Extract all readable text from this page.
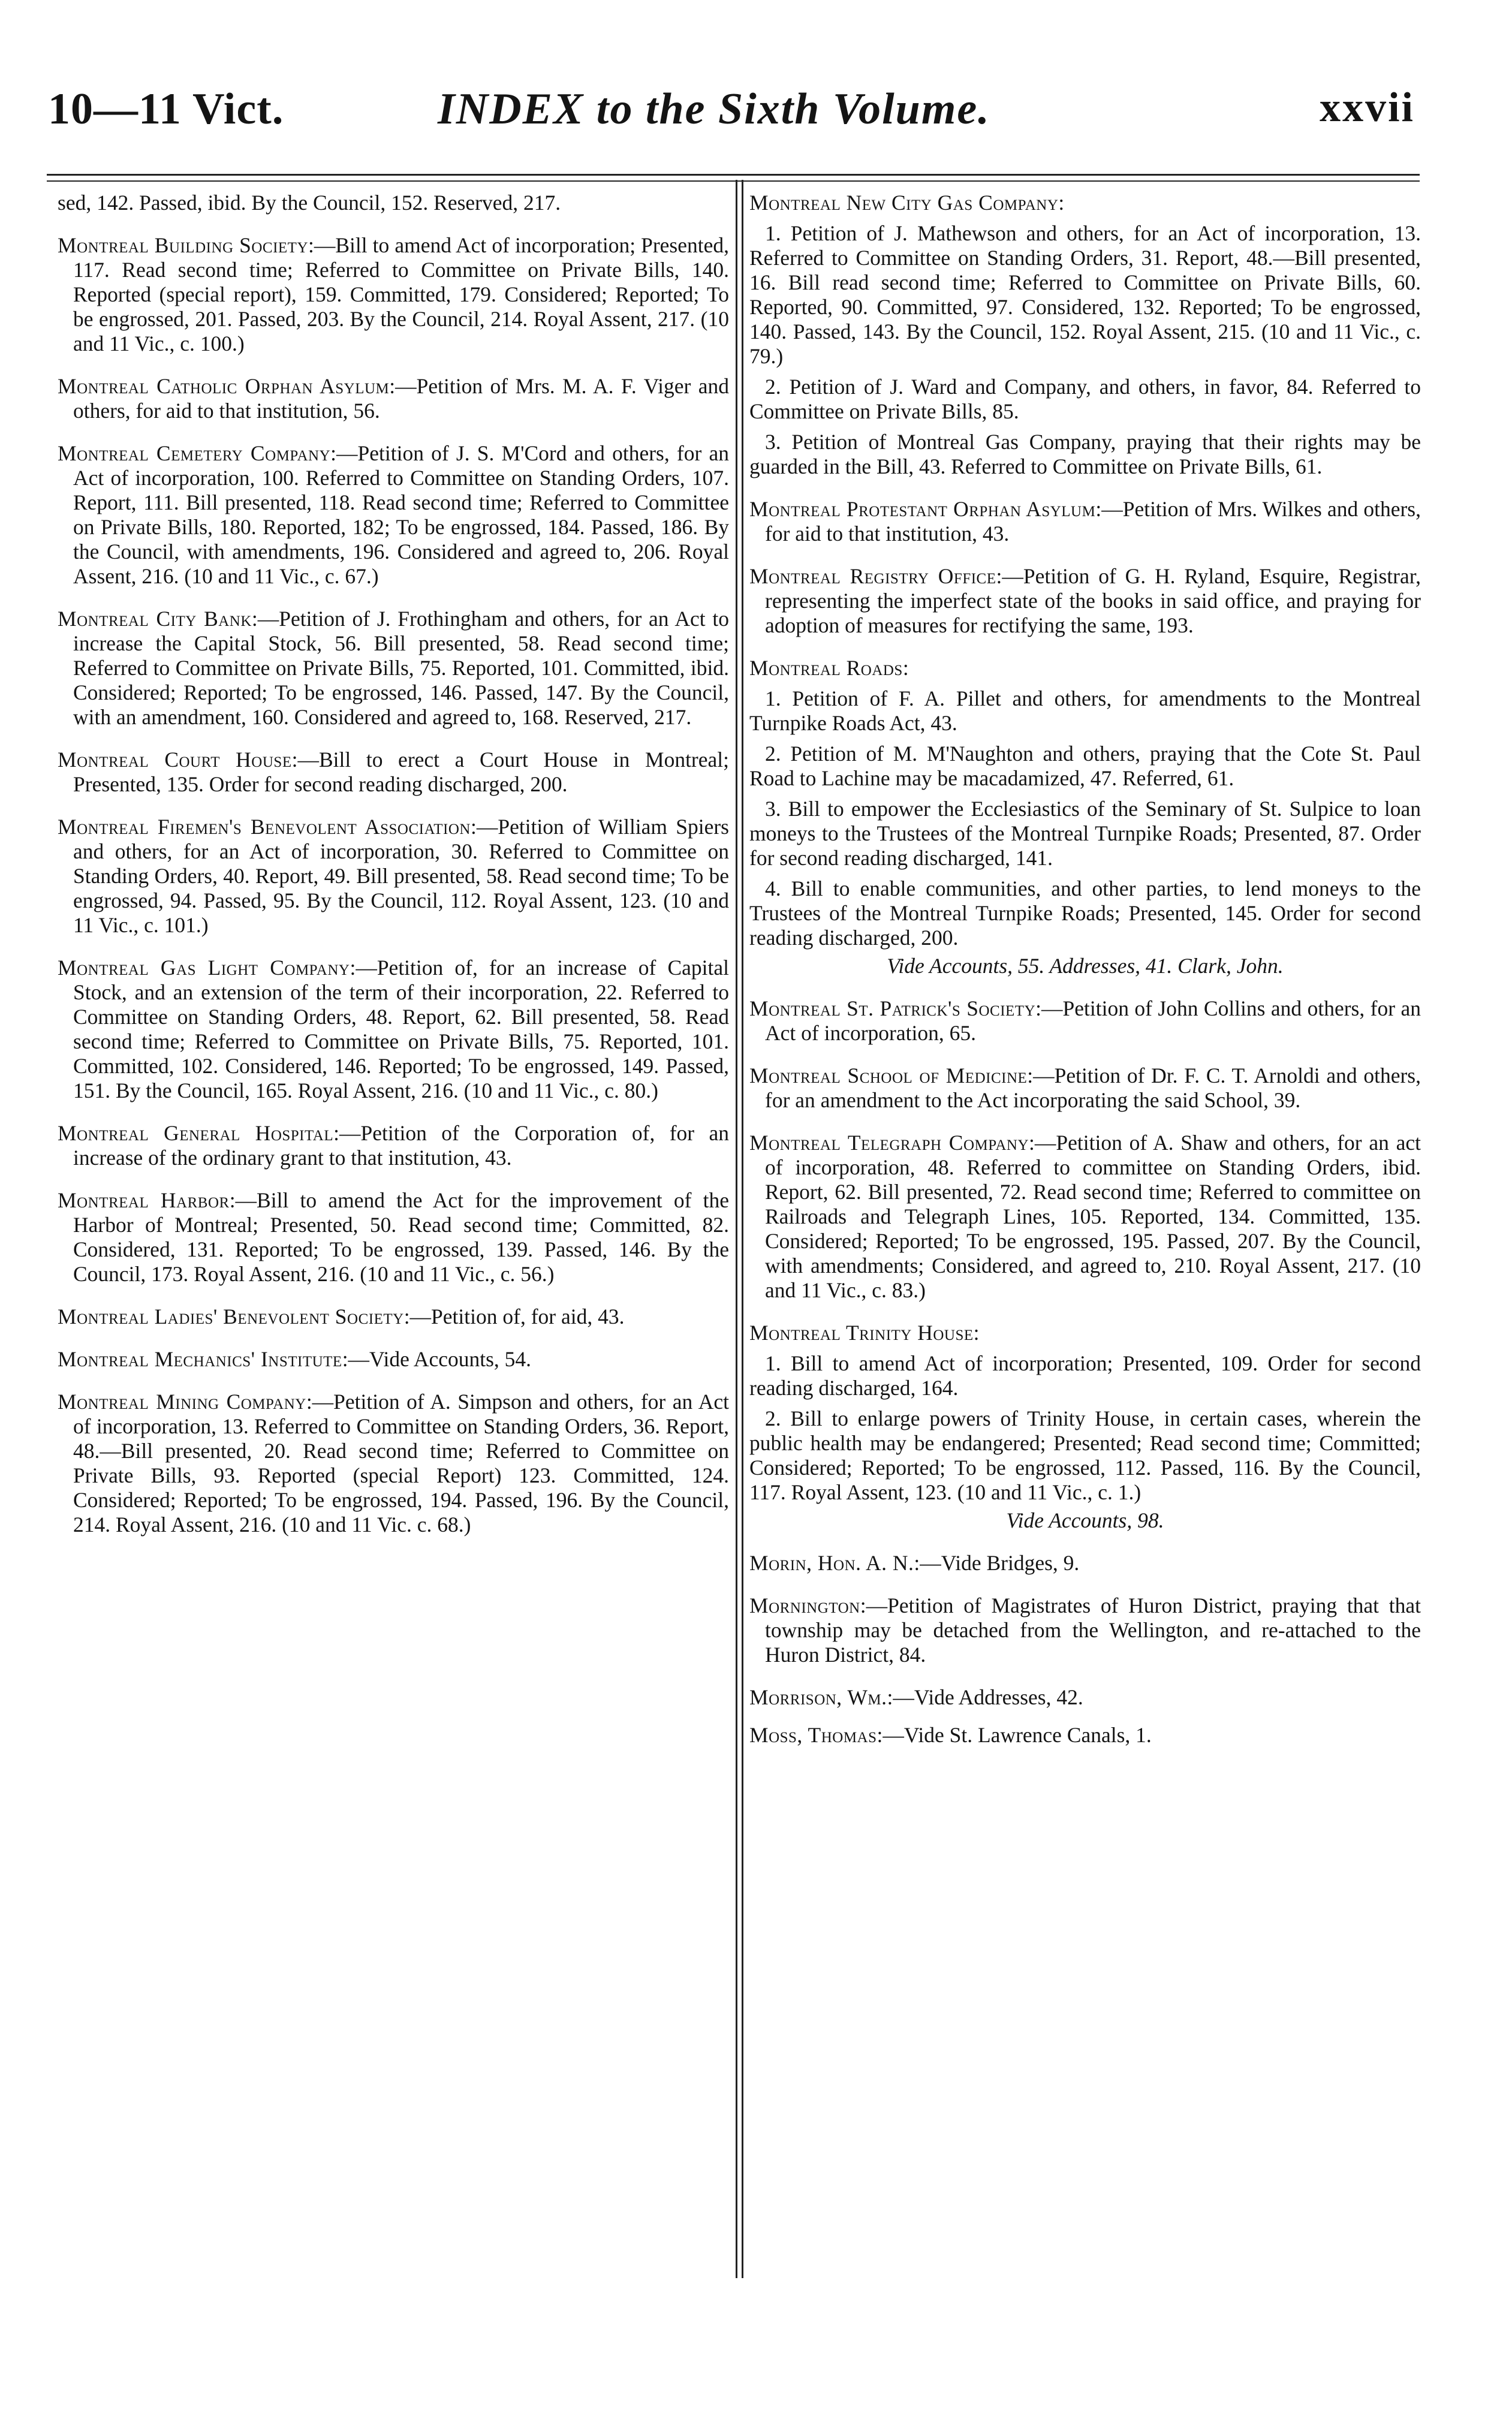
10—11 Vict.	INDEX to the Sixth Volume.	xxvii

sed, 142. Passed, ibid. By the Council, 152. Reserved, 217.

Montreal Building Society:—Bill to amend Act of incorporation; Presented, 117. Read second time; Referred to Committee on Private Bills, 140. Reported (special report), 159. Committed, 179. Considered; Reported; To be engrossed, 201. Passed, 203. By the Council, 214. Royal Assent, 217. (10 and 11 Vic., c. 100.)

Montreal Catholic Orphan Asylum:—Petition of Mrs. M. A. F. Viger and others, for aid to that institution, 56.

Montreal Cemetery Company:—Petition of J. S. M'Cord and others, for an Act of incorporation, 100. Referred to Committee on Standing Orders, 107. Report, 111. Bill presented, 118. Read second time; Referred to Committee on Private Bills, 180. Reported, 182; To be engrossed, 184. Passed, 186. By the Council, with amendments, 196. Considered and agreed to, 206. Royal Assent, 216. (10 and 11 Vic., c. 67.)

Montreal City Bank:—Petition of J. Frothingham and others, for an Act to increase the Capital Stock, 56. Bill presented, 58. Read second time; Referred to Committee on Private Bills, 75. Reported, 101. Committed, ibid. Considered; Reported; To be engrossed, 146. Passed, 147. By the Council, with an amendment, 160. Considered and agreed to, 168. Reserved, 217.

Montreal Court House:—Bill to erect a Court House in Montreal; Presented, 135. Order for second reading discharged, 200.

Montreal Firemen's Benevolent Association:—Petition of William Spiers and others, for an Act of incorporation, 30. Referred to Committee on Standing Orders, 40. Report, 49. Bill presented, 58. Read second time; To be engrossed, 94. Passed, 95. By the Council, 112. Royal Assent, 123. (10 and 11 Vic., c. 101.)

Montreal Gas Light Company:—Petition of, for an increase of Capital Stock, and an extension of the term of their incorporation, 22. Referred to Committee on Standing Orders, 48. Report, 62. Bill presented, 58. Read second time; Referred to Committee on Private Bills, 75. Reported, 101. Committed, 102. Considered, 146. Reported; To be engrossed, 149. Passed, 151. By the Council, 165. Royal Assent, 216. (10 and 11 Vic., c. 80.)

Montreal General Hospital:—Petition of the Corporation of, for an increase of the ordinary grant to that institution, 43.

Montreal Harbor:—Bill to amend the Act for the improvement of the Harbor of Montreal; Presented, 50. Read second time; Committed, 82. Considered, 131. Reported; To be engrossed, 139. Passed, 146. By the Council, 173. Royal Assent, 216. (10 and 11 Vic., c. 56.)

Montreal Ladies' Benevolent Society:—Petition of, for aid, 43.

Montreal Mechanics' Institute:—Vide Accounts, 54.

Montreal Mining Company:—Petition of A. Simpson and others, for an Act of incorporation, 13. Referred to Committee on Standing Orders, 36. Report, 48.—Bill presented, 20. Read second time; Referred to Committee on Private Bills, 93. Reported (special Report) 123. Committed, 124. Considered; Reported; To be engrossed, 194. Passed, 196. By the Council, 214. Royal Assent, 216. (10 and 11 Vic. c. 68.)

Montreal New City Gas Company:

1. Petition of J. Mathewson and others, for an Act of incorporation, 13. Referred to Committee on Standing Orders, 31. Report, 48.—Bill presented, 16. Bill read second time; Referred to Committee on Private Bills, 60. Reported, 90. Committed, 97. Considered, 132. Reported; To be engrossed, 140. Passed, 143. By the Council, 152. Royal Assent, 215. (10 and 11 Vic., c. 79.)

2. Petition of J. Ward and Company, and others, in favor, 84. Referred to Committee on Private Bills, 85.

3. Petition of Montreal Gas Company, praying that their rights may be guarded in the Bill, 43. Referred to Committee on Private Bills, 61.

Montreal Protestant Orphan Asylum:—Petition of Mrs. Wilkes and others, for aid to that institution, 43.

Montreal Registry Office:—Petition of G. H. Ryland, Esquire, Registrar, representing the imperfect state of the books in said office, and praying for adoption of measures for rectifying the same, 193.

Montreal Roads:

1. Petition of F. A. Pillet and others, for amendments to the Montreal Turnpike Roads Act, 43.

2. Petition of M. M'Naughton and others, praying that the Cote St. Paul Road to Lachine may be macadamized, 47. Referred, 61.

3. Bill to empower the Ecclesiastics of the Seminary of St. Sulpice to loan moneys to the Trustees of the Montreal Turnpike Roads; Presented, 87. Order for second reading discharged, 141.

4. Bill to enable communities, and other parties, to lend moneys to the Trustees of the Montreal Turnpike Roads; Presented, 145. Order for second reading discharged, 200.

Vide Accounts, 55. Addresses, 41. Clark, John.

Montreal St. Patrick's Society:—Petition of John Collins and others, for an Act of incorporation, 65.

Montreal School of Medicine:—Petition of Dr. F. C. T. Arnoldi and others, for an amendment to the Act incorporating the said School, 39.

Montreal Telegraph Company:—Petition of A. Shaw and others, for an act of incorporation, 48. Referred to committee on Standing Orders, ibid. Report, 62. Bill presented, 72. Read second time; Referred to committee on Railroads and Telegraph Lines, 105. Reported, 134. Committed, 135. Considered; Reported; To be engrossed, 195. Passed, 207. By the Council, with amendments; Considered, and agreed to, 210. Royal Assent, 217. (10 and 11 Vic., c. 83.)

Montreal Trinity House:

1. Bill to amend Act of incorporation; Presented, 109. Order for second reading discharged, 164.

2. Bill to enlarge powers of Trinity House, in certain cases, wherein the public health may be endangered; Presented; Read second time; Committed; Considered; Reported; To be engrossed, 112. Passed, 116. By the Council, 117. Royal Assent, 123. (10 and 11 Vic., c. 1.)

Vide Accounts, 98.

Morin, Hon. A. N.:—Vide Bridges, 9.

Mornington:—Petition of Magistrates of Huron District, praying that that township may be detached from the Wellington, and re-attached to the Huron District, 84.

Morrison, Wm.:—Vide Addresses, 42.

Moss, Thomas:—Vide St. Lawrence Canals, 1.
